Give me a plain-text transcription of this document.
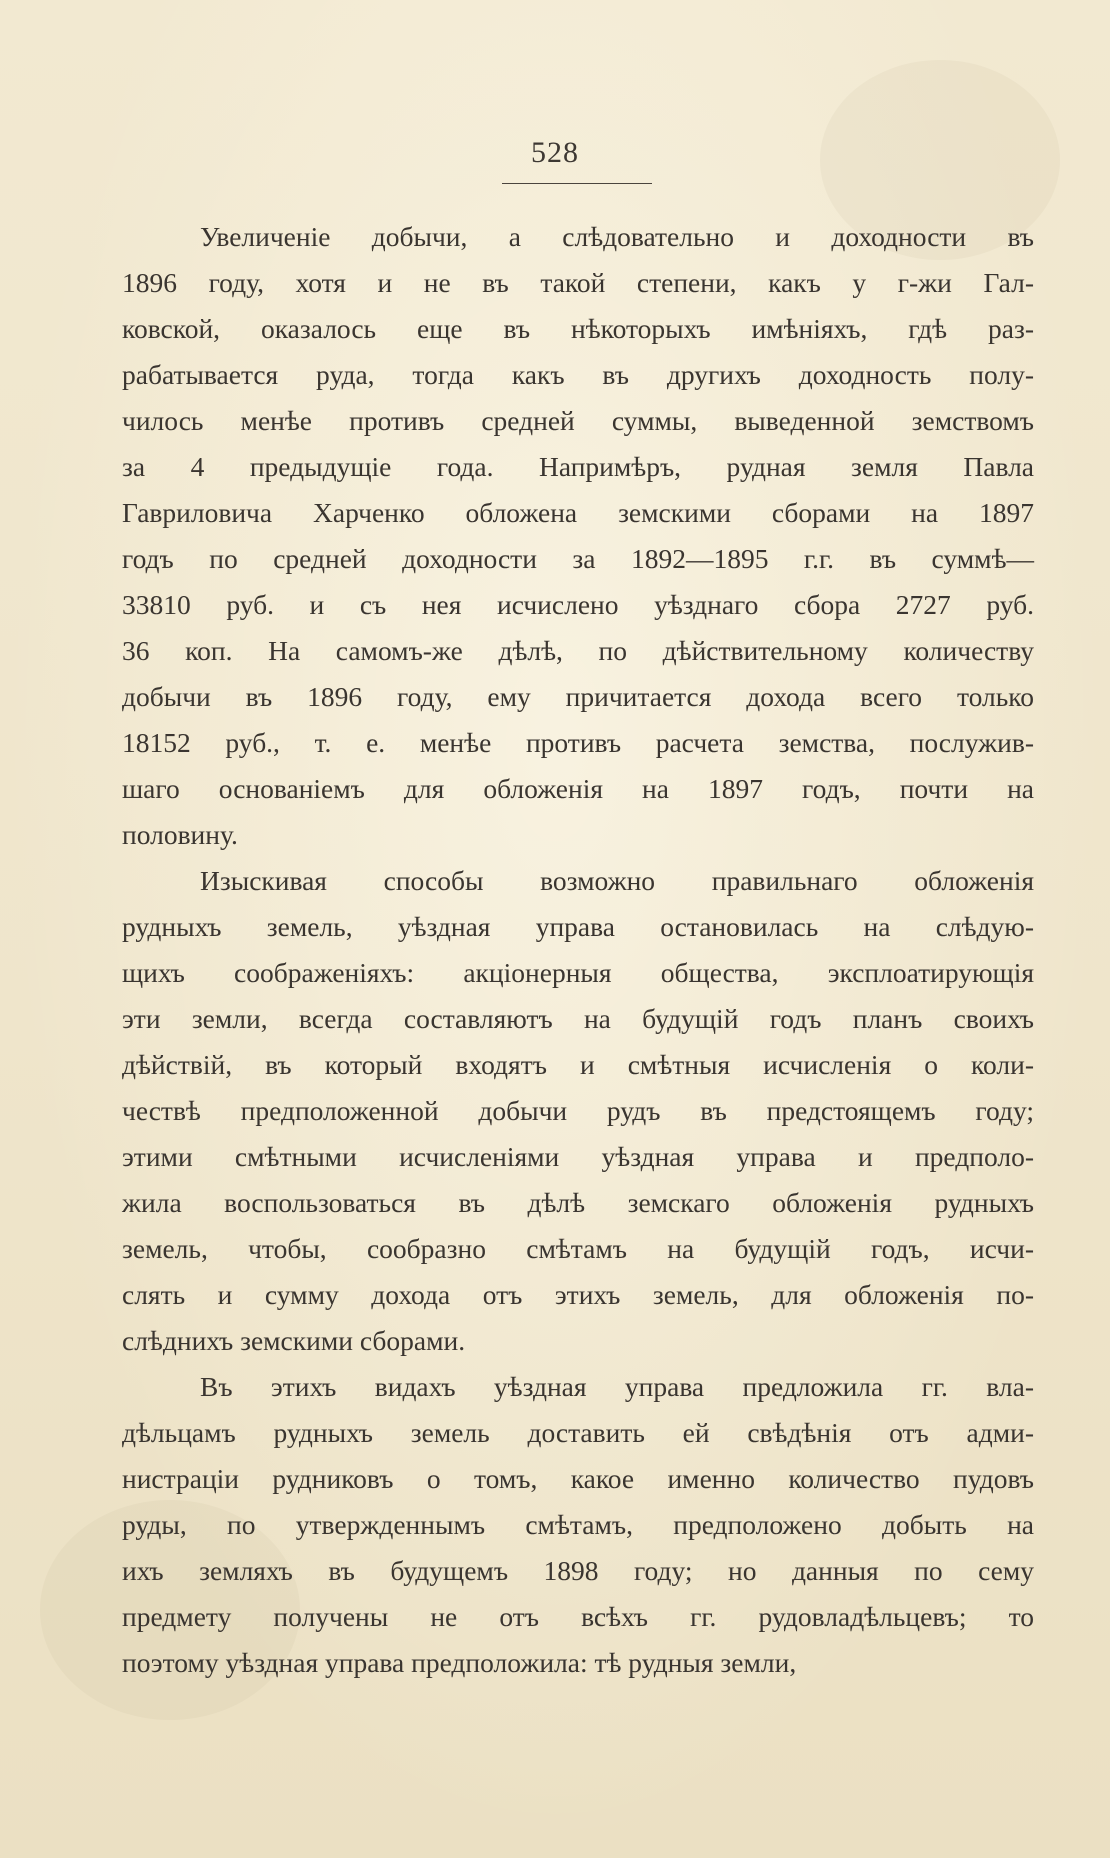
528
Увеличеніе добычи, а слѣдовательно и доходности въ
1896 году, хотя и не въ такой степени, какъ у г-жи Гал-
ковской, оказалось еще въ нѣкоторыхъ имѣніяхъ, гдѣ раз-
рабатывается руда, тогда какъ въ другихъ доходность полу-
чилось менѣе противъ средней суммы, выведенной земствомъ
за 4 предыдущіе года. Напримѣръ, рудная земля Павла
Гавриловича Харченко обложена земскими сборами на 1897
годъ по средней доходности за 1892—1895 г.г. въ суммѣ—
33810 руб. и съ нея исчислено уѣзднаго сбора 2727 руб.
36 коп. На самомъ-же дѣлѣ, по дѣйствительному количеству
добычи въ 1896 году, ему причитается дохода всего только
18152 руб., т. е. менѣе противъ расчета земства, послужив-
шаго основаніемъ для обложенія на 1897 годъ, почти на
половину.
Изыскивая способы возможно правильнаго обложенія
рудныхъ земель, уѣздная управа остановилась на слѣдую-
щихъ соображеніяхъ: акціонерныя общества, эксплоатирующія
эти земли, всегда составляютъ на будущій годъ планъ своихъ
дѣйствій, въ который входятъ и смѣтныя исчисленія о коли-
чествѣ предположенной добычи рудъ въ предстоящемъ году;
этими смѣтными исчисленіями уѣздная управа и предполо-
жила воспользоваться въ дѣлѣ земскаго обложенія рудныхъ
земель, чтобы, сообразно смѣтамъ на будущій годъ, исчи-
слять и сумму дохода отъ этихъ земель, для обложенія по-
слѣднихъ земскими сборами.
Въ этихъ видахъ уѣздная управа предложила гг. вла-
дѣльцамъ рудныхъ земель доставить ей свѣдѣнія отъ адми-
нистраціи рудниковъ о томъ, какое именно количество пудовъ
руды, по утвержденнымъ смѣтамъ, предположено добыть на
ихъ земляхъ въ будущемъ 1898 году; но данныя по сему
предмету получены не отъ всѣхъ гг. рудовладѣльцевъ; то
поэтому уѣздная управа предположила: тѣ рудныя земли,
